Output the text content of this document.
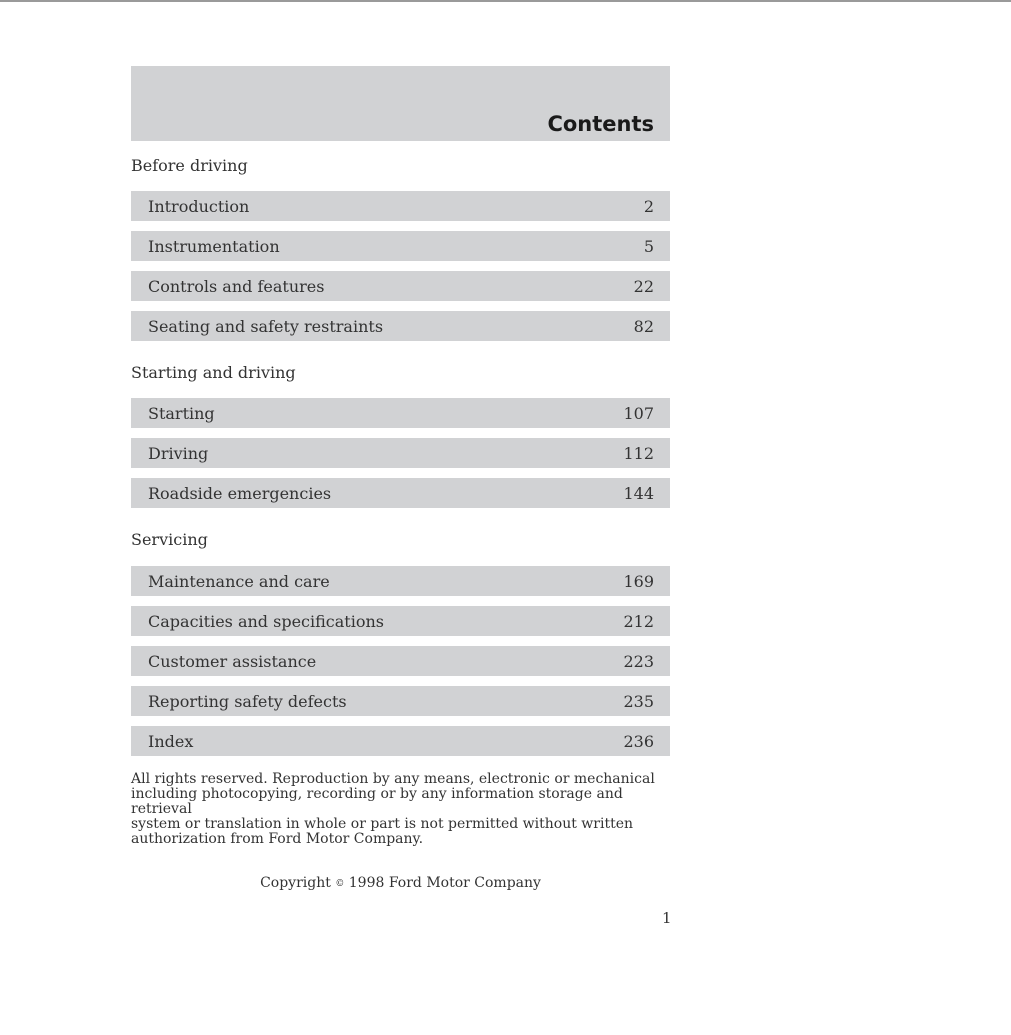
Contents
Before driving
Introduction	2
Instrumentation	5
Controls and features	22
Seating and safety restraints	82
Starting and driving
Starting	107
Driving	112
Roadside emergencies	144
Servicing
Maintenance and care	169
Capacities and specifications	212
Customer assistance	223
Reporting safety defects	235
Index	236
All rights reserved. Reproduction by any means, electronic or mechanical
including photocopying, recording or by any information storage and retrieval
system or translation in whole or part is not permitted without written
authorization from Ford Motor Company.
Copyright © 1998 Ford Motor Company
1
